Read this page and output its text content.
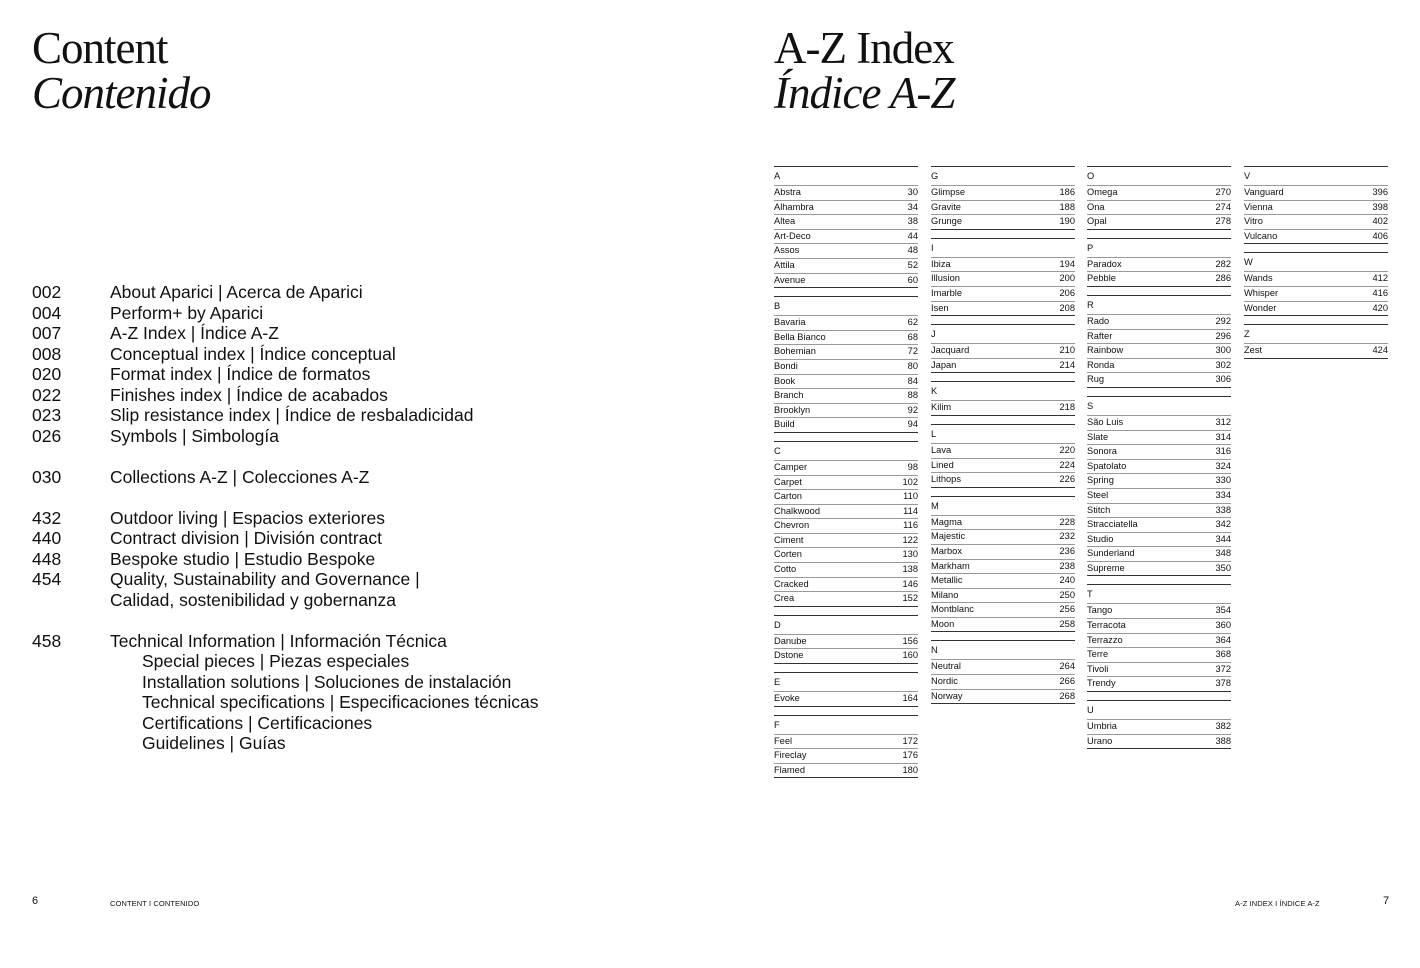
Content
Contenido
002	About Aparici | Acerca de Aparici
004	Perform+ by Aparici
007	A-Z Index | Índice A-Z
008	Conceptual index | Índice conceptual
020	Format index | Índice de formatos
022	Finishes index | Índice de acabados
023	Slip resistance index | Índice de resbaladicidad
026	Symbols | Simbología
030	Collections A-Z | Colecciones A-Z
432	Outdoor living | Espacios exteriores
440	Contract division | División contract
448	Bespoke studio | Estudio Bespoke
454	Quality, Sustainability and Governance |
Calidad, sostenibilidad y gobernanza
458	Technical Information | Información Técnica
Special pieces | Piezas especiales
Installation solutions | Soluciones de instalación
Technical specifications | Especificaciones técnicas
Certifications | Certificaciones
Guidelines | Guías
6	CONTENT I CONTENIDO
A-Z Index
Índice A-Z
A
Abstra	30
Alhambra	34
Altea	38
Art-Deco	44
Assos	48
Attila	52
Avenue	60
B
Bavaria	62
Bella Bianco	68
Bohemian	72
Bondi	80
Book	84
Branch	88
Brooklyn	92
Build	94
C
Camper	98
Carpet	102
Carton	110
Chalkwood	114
Chevron	116
Ciment	122
Corten	130
Cotto	138
Cracked	146
Crea	152
D
Danube	156
Dstone	160
E
Evoke	164
F
Feel	172
Fireclay	176
Flamed	180
G
Glimpse	186
Gravite	188
Grunge	190
I
Ibiza	194
Illusion	200
Imarble	206
Isen	208
J
Jacquard	210
Japan	214
K
Kilim	218
L
Lava	220
Lined	224
Lithops	226
M
Magma	228
Majestic	232
Marbox	236
Markham	238
Metallic	240
Milano	250
Montblanc	256
Moon	258
N
Neutral	264
Nordic	266
Norway	268
O
Omega	270
Ona	274
Opal	278
P
Paradox	282
Pebble	286
R
Rado	292
Rafter	296
Rainbow	300
Ronda	302
Rug	306
S
São Luis	312
Slate	314
Sonora	316
Spatolato	324
Spring	330
Steel	334
Stitch	338
Stracciatella	342
Studio	344
Sunderland	348
Supreme	350
T
Tango	354
Terracota	360
Terrazzo	364
Terre	368
Tivoli	372
Trendy	378
U
Umbria	382
Urano	388
V
Vanguard	396
Vienna	398
Vitro	402
Vulcano	406
W
Wands	412
Whisper	416
Wonder	420
Z
Zest	424
A-Z INDEX I ÍNDICE A-Z	7
